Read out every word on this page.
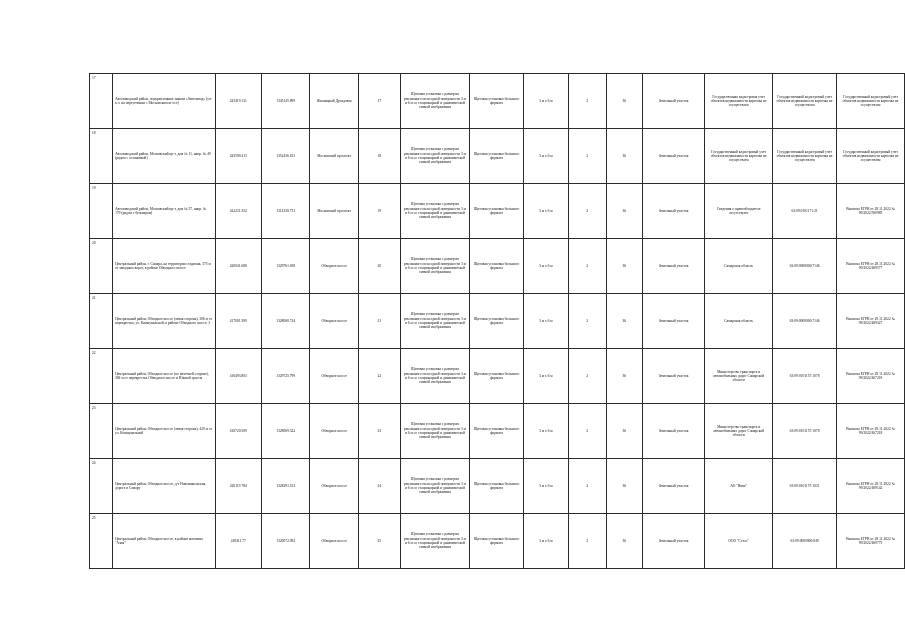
17	Автозаводский район, подкрепленные знаком «Автозавод» (уч-к л. на пересечении с Московским ш-осе)	425419.131	1345145.899	Жилищный Дроздовая	17	Щитовая установка с размером рекламного поля одной поверхности 3 м и 6 м со стационарной и динамической сменой изображения	Щитовая установка большого формата	3 м х 6 м	2	36	Земельный участок	Государственная кадастровая учет объектов недвижимости карточка не осуществлен	Государственный кадастровый учет объектов недвижимости карточка не осуществлен	Государственный кадастровый учет объектов недвижимости карточка не осуществлен
18	Автозаводский район, Московский пр-т, дом № 11, напр. № 49 (рядом с остановкой)	425590.413	1352436.813	Московский проспект	18	Щитовая установка с размером рекламного поля одной поверхности 3 м и 6 м со стационарной и динамической сменой изображения	Щитовая установка большого формата	3 м х 6 м	2	36	Земельный участок	Государственный кадастровый учет объектов недвижимости карточка не осуществлен	Государственный кадастровый учет объектов недвижимости карточка не осуществлен	Государственный кадастровый учет объектов недвижимости карточка не осуществлен
19	Автозаводский район, Московский пр-т, дом № 57, напр. № 179 (рядом с бульваром)	422231.352	1314330.731	Московский проспект	19	Щитовая установка с размером рекламного поля одной поверхности 3 м и 6 м со стационарной и динамической сменой изображения	Щитовая установка большого формата	3 м х 6 м	2	36	Земельный участок	Сведения о правообладателе отсутствуют	63:09:0101171:21	Выписка ЕГРН от 28.11.2022 № 99/2022/500985
20	Центральный район, г. Самара, на территории стадиона, 375 м от западных ворот, в районе Обводного шоссе	420041.688	1329761.658	Обводное шоссе	20	Щитовая установка с размером рекламного поля одной поверхности 3 м и 6 м со стационарной и динамической сменой изображения	Щитовая установка большого формата	3 м х 6 м	2	36	Земельный участок	Самарская область	63:09:0000000:7146	Выписка ЕГРН от 28.11.2022 № 99/2022/469577
21	Центральный район, Обводное шоссе (левая сторона), 306 м от перекрестка, ул. Коммунальной, в районе Обводного шоссе, 3	417001.589	1328068.744	Обводное шоссе	21	Щитовая установка с размером рекламного поля одной поверхности 3 м и 6 м со стационарной и динамической сменой изображения	Щитовая установка большого формата	3 м х 6 м	2	36	Земельный участок	Самарская область	63:09:0000000:7146	Выписка ЕГРН от 29.11.2022 № 99/2022/469327
22	Центральный район, Обводное шоссе (по нечетной стороне), 384 м от перекрестка Обводного шоссе и Южной трассы	416493.803	1329725.799	Обводное шоссе	22	Щитовая установка с размером рекламного поля одной поверхности 3 м и 6 м со стационарной и динамической сменой изображения	Щитовая установка большого формата	3 м х 6 м	2	36	Земельный участок	Министерство транспорта и автомобильных дорог Самарской области	63:09:0101157:1078	Выписка ЕГРН от 29.11.2022 № 99/2022/467218
23	Центральный район, Обводное шоссе (левая сторона), 420 м от ул. Коммунальной	416720.509	1328069.322	Обводное шоссе	23	Щитовая установка с размером рекламного поля одной поверхности 3 м и 6 м со стационарной и динамической сменой изображения	Щитовая установка большого формата	3 м х 6 м	2	36	Земельный участок	Министерство транспорта и автомобильных дорог Самарской области	63:09:0101157:1078	Выписка ЕГРН от 29.11.2022 № 99/2022/467218
24	Центральный район, Обводное шоссе, д/т Новоникольская, дорога в Самару	420119.784	1328291.513	Обводное шоссе	24	Щитовая установка с размером рекламного поля одной поверхности 3 м и 6 м со стационарной и динамической сменой изображения	Щитовая установка большого формата	3 м х 6 м	2	36	Земельный участок	АО "Нива"	63:09:0101157:1031	Выписка ЕГРН от 29.11.2022 № 99/2022/469142
25	Центральный район, Обводное шоссе, в районе магазина "Азия"	418411.77	1320072.092	Обводное шоссе	25	Щитовая установка с размером рекламного поля одной поверхности 3 м и 6 м со стационарной и динамической сменой изображения	Щитовая установка большого формата	3 м х 6 м	2	36	Земельный участок	ООО "Стэлс"	63:09:0000000:849	Выписка ЕГРН от 28.11.2022 № 99/2022/469775
